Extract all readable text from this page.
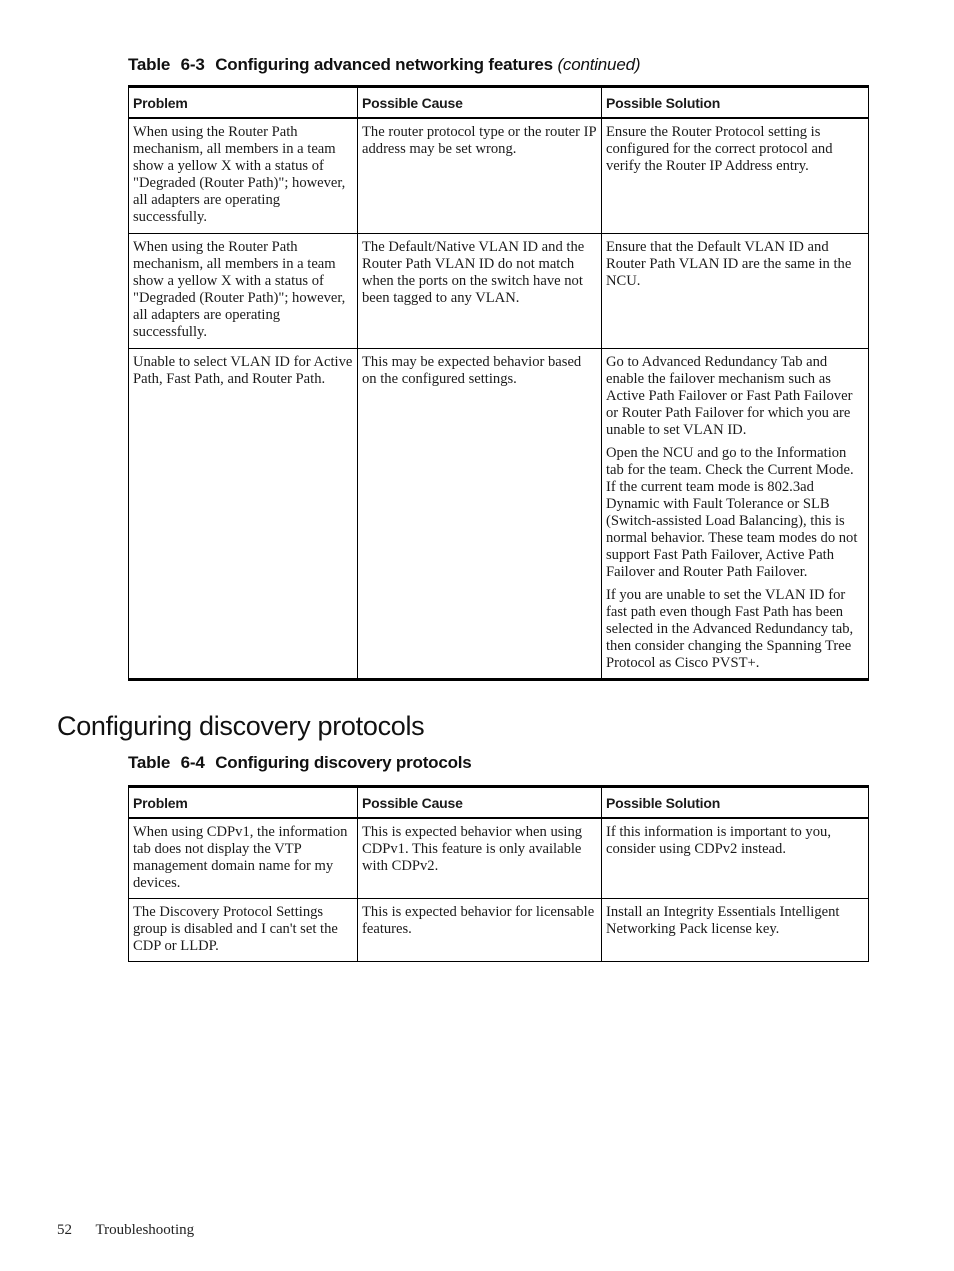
Table 6-3 Configuring advanced networking features (continued)
Problem	Possible Cause	Possible Solution
When using the Router Path mechanism, all members in a team show a yellow X with a status of "Degraded (Router Path)"; however, all adapters are operating successfully.	The router protocol type or the router IP address may be set wrong.	Ensure the Router Protocol setting is configured for the correct protocol and verify the Router IP Address entry.

When using the Router Path mechanism, all members in a team show a yellow X with a status of "Degraded (Router Path)"; however, all adapters are operating successfully.	The Default/Native VLAN ID and the Router Path VLAN ID do not match when the ports on the switch have not been tagged to any VLAN.	Ensure that the Default VLAN ID and Router Path VLAN ID are the same in the NCU.

Unable to select VLAN ID for Active Path, Fast Path, and Router Path.	This may be expected behavior based on the configured settings.	Go to Advanced Redundancy Tab and enable the failover mechanism such as Active Path Failover or Fast Path Failover or Router Path Failover for which you are unable to set VLAN ID.

Open the NCU and go to the Information tab for the team. Check the Current Mode. If the current team mode is 802.3ad Dynamic with Fault Tolerance or SLB (Switch-assisted Load Balancing), this is normal behavior. These team modes do not support Fast Path Failover, Active Path Failover and Router Path Failover.

If you are unable to set the VLAN ID for fast path even though Fast Path has been selected in the Advanced Redundancy tab, then consider changing the Spanning Tree Protocol as Cisco PVST+.

Configuring discovery protocols
Table 6-4 Configuring discovery protocols
Problem	Possible Cause	Possible Solution
When using CDPv1, the information tab does not display the VTP management domain name for my devices.	This is expected behavior when using CDPv1. This feature is only available with CDPv2.	If this information is important to you, consider using CDPv2 instead.

The Discovery Protocol Settings group is disabled and I can't set the CDP or LLDP.	This is expected behavior for licensable features.	Install an Integrity Essentials Intelligent Networking Pack license key.

52 Troubleshooting
